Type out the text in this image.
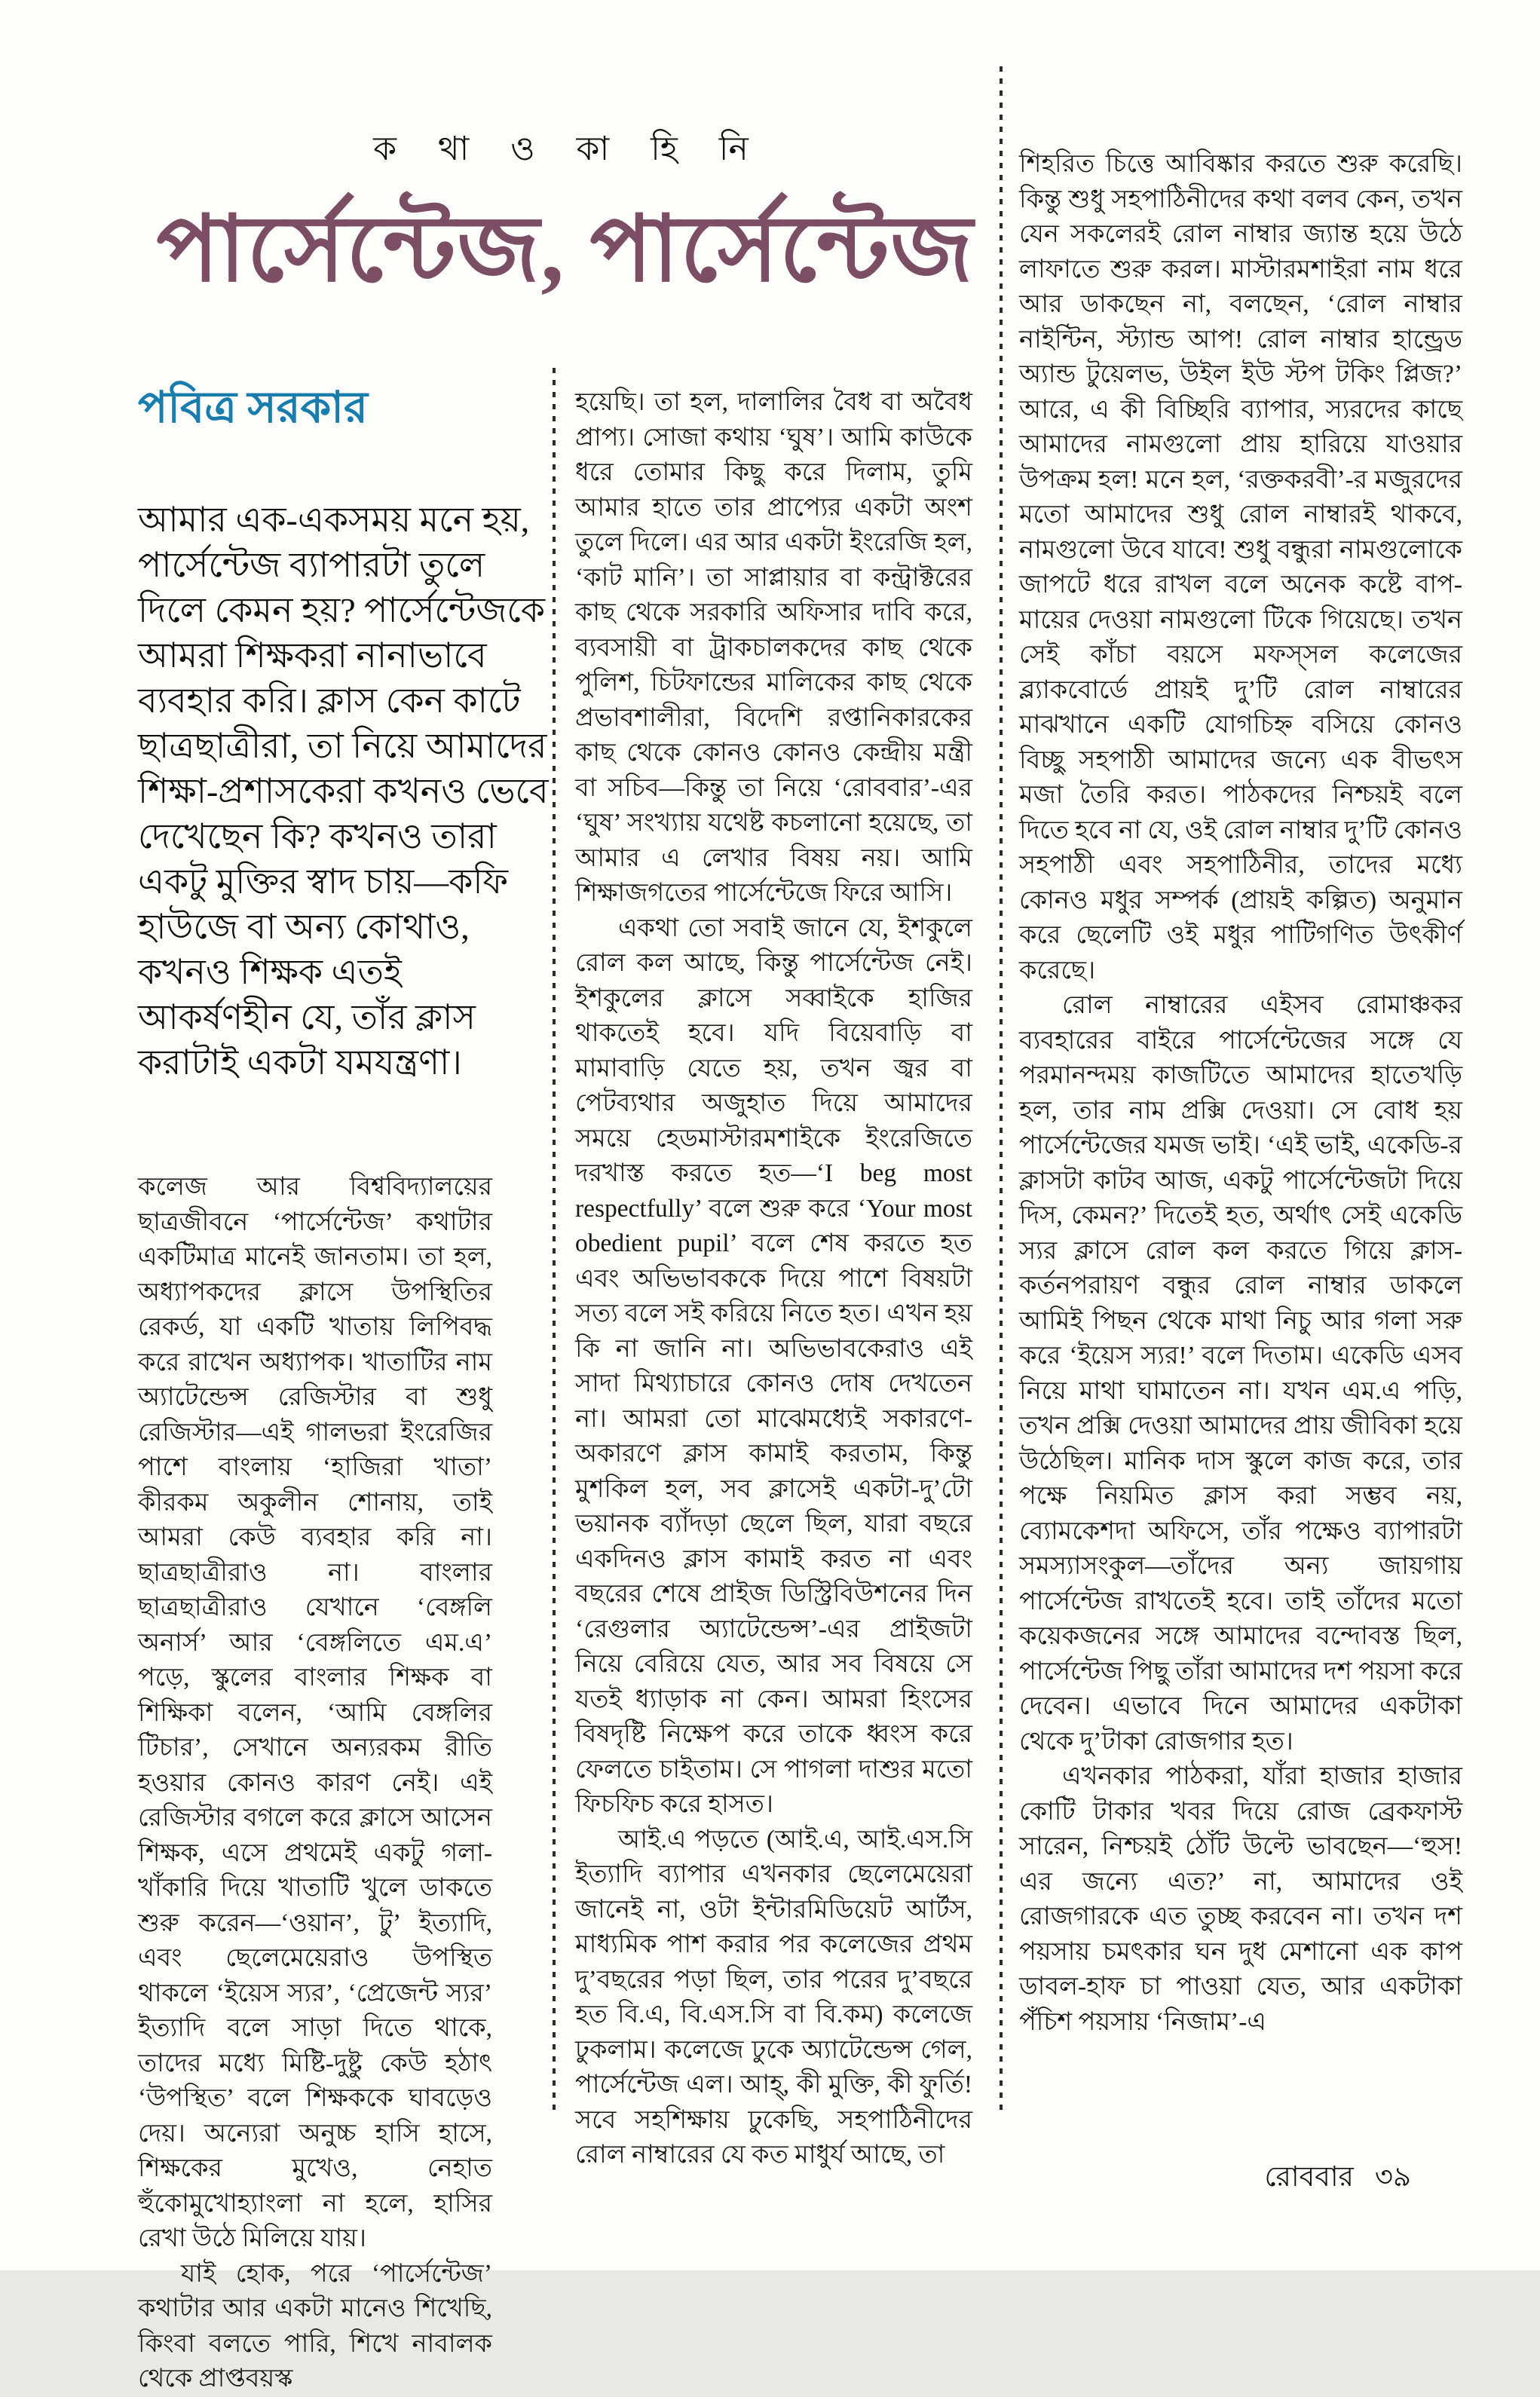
ক থা ও কা হি নি
পার্সেন্টেজ, পার্সেন্টেজ
পবিত্র সরকার
আমার এক-একসময় মনে হয়, পার্সেন্টেজ ব্যাপারটা তুলে দিলে কেমন হয়? পার্সেন্টেজকে আমরা শিক্ষকরা নানাভাবে ব্যবহার করি। ক্লাস কেন কাটে ছাত্রছাত্রীরা, তা নিয়ে আমাদের শিক্ষা-প্রশাসকেরা কখনও ভেবে দেখেছেন কি? কখনও তারা একটু মুক্তির স্বাদ চায়—কফি হাউজে বা অন্য কোথাও, কখনও শিক্ষক এতই আকর্ষণহীন যে, তাঁর ক্লাস করাটাই একটা যমযন্ত্রণা।

কলেজ আর বিশ্ববিদ্যালয়ের ছাত্রজীবনে ‘পার্সেন্টেজ’ কথাটার একটিমাত্র মানেই জানতাম। তা হল, অধ্যাপকদের ক্লাসে উপস্থিতির রেকর্ড, যা একটি খাতায় লিপিবদ্ধ করে রাখেন অধ্যাপক। খাতাটির নাম অ্যাটেন্ডেন্স রেজিস্টার বা শুধু রেজিস্টার—এই গালভরা ইংরেজির পাশে বাংলায় ‘হাজিরা খাতা’ কীরকম অকুলীন শোনায়, তাই আমরা কেউ ব্যবহার করি না। ছাত্রছাত্রীরাও না। বাংলার ছাত্রছাত্রীরাও যেখানে ‘বেঙ্গলি অনার্স’ আর ‘বেঙ্গলিতে এম.এ’ পড়ে, স্কুলের বাংলার শিক্ষক বা শিক্ষিকা বলেন, ‘আমি বেঙ্গলির টিচার’, সেখানে অন্যরকম রীতি হওয়ার কোনও কারণ নেই। এই রেজিস্টার বগলে করে ক্লাসে আসেন শিক্ষক, এসে প্রথমেই একটু গলা-খাঁকারি দিয়ে খাতাটি খুলে ডাকতে শুরু করেন—‘ওয়ান’, টু’ ইত্যাদি, এবং ছেলেমেয়েরাও উপস্থিত থাকলে ‘ইয়েস স্যর’, ‘প্রেজেন্ট স্যর’ ইত্যাদি বলে সাড়া দিতে থাকে, তাদের মধ্যে মিষ্টি-দুষ্টু কেউ হঠাৎ ‘উপস্থিত’ বলে শিক্ষককে ঘাবড়েও দেয়। অন্যেরা অনুচ্চ হাসি হাসে, শিক্ষকের মুখেও, নেহাত হুঁকোমুখোহ্যাংলা না হলে, হাসির রেখা উঠে মিলিয়ে যায়।

যাই হোক, পরে ‘পার্সেন্টেজ’ কথাটার আর একটা মানেও শিখেছি, কিংবা বলতে পারি, শিখে নাবালক থেকে প্রাপ্তবয়স্ক

হয়েছি। তা হল, দালালির বৈধ বা অবৈধ প্রাপ্য। সোজা কথায় ‘ঘুষ’। আমি কাউকে ধরে তোমার কিছু করে দিলাম, তুমি আমার হাতে তার প্রাপ্যের একটা অংশ তুলে দিলে। এর আর একটা ইংরেজি হল, ‘কাট মানি’। তা সাপ্লায়ার বা কন্ট্রাক্টরের কাছ থেকে সরকারি অফিসার দাবি করে, ব্যবসায়ী বা ট্রাকচালকদের কাছ থেকে পুলিশ, চিটফান্ডের মালিকের কাছ থেকে প্রভাবশালীরা, বিদেশি রপ্তানিকারকের কাছ থেকে কোনও কোনও কেন্দ্রীয় মন্ত্রী বা সচিব—কিন্তু তা নিয়ে ‘রোববার’-এর ‘ঘুষ’ সংখ্যায় যথেষ্ট কচলানো হয়েছে, তা আমার এ লেখার বিষয় নয়। আমি শিক্ষাজগতের পার্সেন্টেজে ফিরে আসি।

একথা তো সবাই জানে যে, ইশকুলে রোল কল আছে, কিন্তু পার্সেন্টেজ নেই। ইশকুলের ক্লাসে সব্বাইকে হাজির থাকতেই হবে। যদি বিয়েবাড়ি বা মামাবাড়ি যেতে হয়, তখন জ্বর বা পেটব্যথার অজুহাত দিয়ে আমাদের সময়ে হেডমাস্টারমশাইকে ইংরেজিতে দরখাস্ত করতে হত—‘I beg most respectfully’ বলে শুরু করে ‘Your most obedient pupil’ বলে শেষ করতে হত এবং অভিভাবককে দিয়ে পাশে বিষয়টা সত্য বলে সই করিয়ে নিতে হত। এখন হয় কি না জানি না। অভিভাবকেরাও এই সাদা মিথ্যাচারে কোনও দোষ দেখতেন না। আমরা তো মাঝেমধ্যেই সকারণে-অকারণে ক্লাস কামাই করতাম, কিন্তু মুশকিল হল, সব ক্লাসেই একটা-দু’টো ভয়ানক ব্যাঁদড়া ছেলে ছিল, যারা বছরে একদিনও ক্লাস কামাই করত না এবং বছরের শেষে প্রাইজ ডিস্ট্রিবিউশনের দিন ‘রেগুলার অ্যাটেন্ডেন্স’-এর প্রাইজটা নিয়ে বেরিয়ে যেত, আর সব বিষয়ে সে যতই ধ্যাড়াক না কেন। আমরা হিংসের বিষদৃষ্টি নিক্ষেপ করে তাকে ধ্বংস করে ফেলতে চাইতাম। সে পাগলা দাশুর মতো ফিচফিচ করে হাসত।

আই.এ পড়তে (আই.এ, আই.এস.সি ইত্যাদি ব্যাপার এখনকার ছেলেমেয়েরা জানেই না, ওটা ইন্টারমিডিয়েট আর্টস, মাধ্যমিক পাশ করার পর কলেজের প্রথম দু’বছরের পড়া ছিল, তার পরের দু’বছরে হত বি.এ, বি.এস.সি বা বি.কম) কলেজে ঢুকলাম। কলেজে ঢুকে অ্যাটেন্ডেন্স গেল, পার্সেন্টেজ এল। আহ্, কী মুক্তি, কী ফুর্তি! সবে সহশিক্ষায় ঢুকেছি, সহপাঠিনীদের রোল নাম্বারের যে কত মাধুর্য আছে, তা

শিহরিত চিত্তে আবিষ্কার করতে শুরু করেছি। কিন্তু শুধু সহপাঠিনীদের কথা বলব কেন, তখন যেন সকলেরই রোল নাম্বার জ্যান্ত হয়ে উঠে লাফাতে শুরু করল। মাস্টারমশাইরা নাম ধরে আর ডাকছেন না, বলছেন, ‘রোল নাম্বার নাইন্টিন, স্ট্যান্ড আপ! রোল নাম্বার হান্ড্রেড অ্যান্ড টুয়েলভ, উইল ইউ স্টপ টকিং প্লিজ?’ আরে, এ কী বিচ্ছিরি ব্যাপার, স্যরদের কাছে আমাদের নামগুলো প্রায় হারিয়ে যাওয়ার উপক্রম হল! মনে হল, ‘রক্তকরবী’-র মজুরদের মতো আমাদের শুধু রোল নাম্বারই থাকবে, নামগুলো উবে যাবে! শুধু বন্ধুরা নামগুলোকে জাপটে ধরে রাখল বলে অনেক কষ্টে বাপ-মায়ের দেওয়া নামগুলো টিকে গিয়েছে। তখন সেই কাঁচা বয়সে মফস্‌সল কলেজের ব্ল্যাকবোর্ডে প্রায়ই দু’টি রোল নাম্বারের মাঝখানে একটি যোগচিহ্ন বসিয়ে কোনও বিচ্ছু সহপাঠী আমাদের জন্যে এক বীভৎস মজা তৈরি করত। পাঠকদের নিশ্চয়ই বলে দিতে হবে না যে, ওই রোল নাম্বার দু’টি কোনও সহপাঠী এবং সহপাঠিনীর, তাদের মধ্যে কোনও মধুর সম্পর্ক (প্রায়ই কল্পিত) অনুমান করে ছেলেটি ওই মধুর পাটিগণিত উৎকীর্ণ করেছে।

রোল নাম্বারের এইসব রোমাঞ্চকর ব্যবহারের বাইরে পার্সেন্টেজের সঙ্গে যে পরমানন্দময় কাজটিতে আমাদের হাতেখড়ি হল, তার নাম প্রক্সি দেওয়া। সে বোধ হয় পার্সেন্টেজের যমজ ভাই। ‘এই ভাই, একেডি-র ক্লাসটা কাটব আজ, একটু পার্সেন্টেজটা দিয়ে দিস, কেমন?’ দিতেই হত, অর্থাৎ সেই একেডি স্যর ক্লাসে রোল কল করতে গিয়ে ক্লাস-কর্তনপরায়ণ বন্ধুর রোল নাম্বার ডাকলে আমিই পিছন থেকে মাথা নিচু আর গলা সরু করে ‘ইয়েস স্যর!’ বলে দিতাম। একেডি এসব নিয়ে মাথা ঘামাতেন না। যখন এম.এ পড়ি, তখন প্রক্সি দেওয়া আমাদের প্রায় জীবিকা হয়ে উঠেছিল। মানিক দাস স্কুলে কাজ করে, তার পক্ষে নিয়মিত ক্লাস করা সম্ভব নয়, ব্যোমকেশদা অফিসে, তাঁর পক্ষেও ব্যাপারটা সমস্যাসংকুল—তাঁদের অন্য জায়গায় পার্সেন্টেজ রাখতেই হবে। তাই তাঁদের মতো কয়েকজনের সঙ্গে আমাদের বন্দোবস্ত ছিল, পার্সেন্টেজ পিছু তাঁরা আমাদের দশ পয়সা করে দেবেন। এভাবে দিনে আমাদের একটাকা থেকে দু’টাকা রোজগার হত।

এখনকার পাঠকরা, যাঁরা হাজার হাজার কোটি টাকার খবর দিয়ে রোজ ব্রেকফাস্ট সারেন, নিশ্চয়ই ঠোঁট উল্টে ভাবছেন—‘হুস! এর জন্যে এত?’ না, আমাদের ওই রোজগারকে এত তুচ্ছ করবেন না। তখন দশ পয়সায় চমৎকার ঘন দুধ মেশানো এক কাপ ডাবল-হাফ চা পাওয়া যেত, আর একটাকা পঁচিশ পয়সায় ‘নিজাম’-এ

রোববার ৩৯
